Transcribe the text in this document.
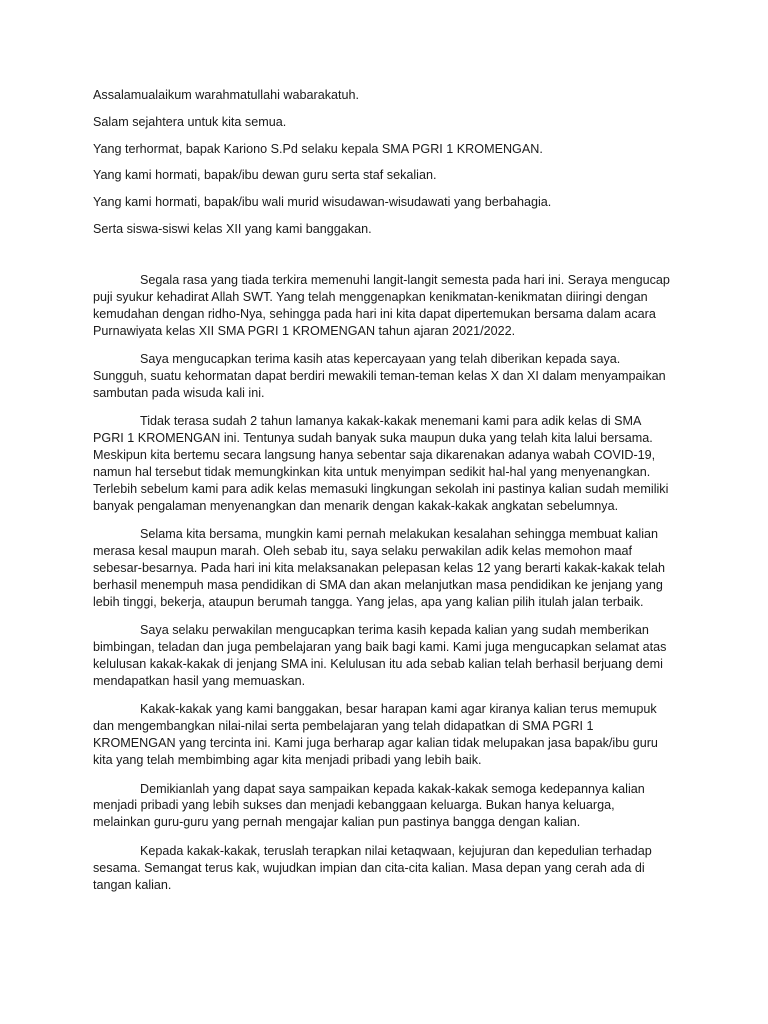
Assalamualaikum warahmatullahi wabarakatuh.

Salam sejahtera untuk kita semua.

Yang terhormat, bapak Kariono S.Pd selaku kepala SMA PGRI 1 KROMENGAN.

Yang kami hormati, bapak/ibu dewan guru serta staf sekalian.

Yang kami hormati, bapak/ibu wali murid wisudawan-wisudawati yang berbahagia.

Serta siswa-siswi kelas XII yang kami banggakan.

Segala rasa yang tiada terkira memenuhi langit-langit semesta pada hari ini. Seraya mengucap puji syukur kehadirat Allah SWT. Yang telah menggenapkan kenikmatan-kenikmatan diiringi dengan kemudahan dengan ridho-Nya, sehingga pada hari ini kita dapat dipertemukan bersama dalam acara Purnawiyata kelas XII SMA PGRI 1 KROMENGAN tahun ajaran 2021/2022.

Saya mengucapkan terima kasih atas kepercayaan yang telah diberikan kepada saya. Sungguh, suatu kehormatan dapat berdiri mewakili teman-teman kelas X dan XI dalam menyampaikan sambutan pada wisuda kali ini.

Tidak terasa sudah 2 tahun lamanya kakak-kakak menemani kami para adik kelas di SMA PGRI 1 KROMENGAN ini. Tentunya sudah banyak suka maupun duka yang telah kita lalui bersama. Meskipun kita bertemu secara langsung hanya sebentar saja dikarenakan adanya wabah COVID-19, namun hal tersebut tidak memungkinkan kita untuk menyimpan sedikit hal-hal yang menyenangkan. Terlebih sebelum kami para adik kelas memasuki lingkungan sekolah ini pastinya kalian sudah memiliki banyak pengalaman menyenangkan dan menarik dengan kakak-kakak angkatan sebelumnya.

Selama kita bersama, mungkin kami pernah melakukan kesalahan sehingga membuat kalian merasa kesal maupun marah. Oleh sebab itu, saya selaku perwakilan adik kelas memohon maaf sebesar-besarnya. Pada hari ini kita melaksanakan pelepasan kelas 12 yang berarti kakak-kakak telah berhasil menempuh masa pendidikan di SMA dan akan melanjutkan masa pendidikan ke jenjang yang lebih tinggi, bekerja, ataupun berumah tangga. Yang jelas, apa yang kalian pilih itulah jalan terbaik.

Saya selaku perwakilan mengucapkan terima kasih kepada kalian yang sudah memberikan bimbingan, teladan dan juga pembelajaran yang baik bagi kami. Kami juga mengucapkan selamat atas kelulusan kakak-kakak di jenjang SMA ini. Kelulusan itu ada sebab kalian telah berhasil berjuang demi mendapatkan hasil yang memuaskan.

Kakak-kakak yang kami banggakan, besar harapan kami agar kiranya kalian terus memupuk dan mengembangkan nilai-nilai serta pembelajaran yang telah didapatkan di SMA PGRI 1 KROMENGAN yang tercinta ini. Kami juga berharap agar kalian tidak melupakan jasa bapak/ibu guru kita yang telah membimbing agar kita menjadi pribadi yang lebih baik.

Demikianlah yang dapat saya sampaikan kepada kakak-kakak semoga kedepannya kalian menjadi pribadi yang lebih sukses dan menjadi kebanggaan keluarga. Bukan hanya keluarga, melainkan guru-guru yang pernah mengajar kalian pun pastinya bangga dengan kalian.

Kepada kakak-kakak, teruslah terapkan nilai ketaqwaan, kejujuran dan kepedulian terhadap sesama. Semangat terus kak, wujudkan impian dan cita-cita kalian. Masa depan yang cerah ada di tangan kalian.
